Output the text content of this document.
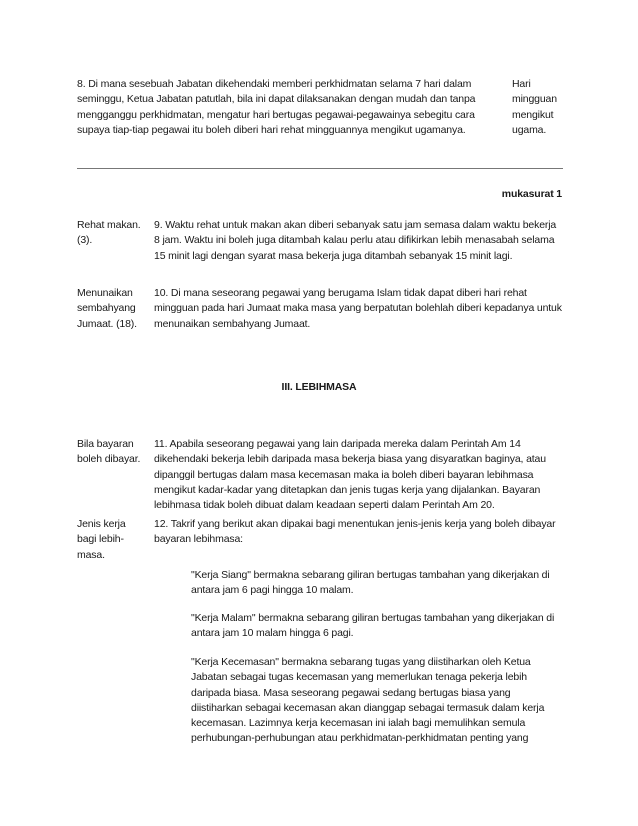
8. Di mana sesebuah Jabatan dikehendaki memberi perkhidmatan selama 7 hari dalam seminggu, Ketua Jabatan patutlah, bila ini dapat dilaksanakan dengan mudah dan tanpa mengganggu perkhidmatan, mengatur hari bertugas pegawai-pegawainya sebegitu cara supaya tiap-tiap pegawai itu boleh diberi hari rehat mingguannya mengikut ugamanya.
Hari mingguan mengikut ugama.
mukasurat 1
Rehat makan. (3).
9. Waktu rehat untuk makan akan diberi sebanyak satu jam semasa dalam waktu bekerja 8 jam. Waktu ini boleh juga ditambah kalau perlu atau difikirkan lebih menasabah selama 15 minit lagi dengan syarat masa bekerja juga ditambah sebanyak 15 minit lagi.
Menunaikan sembahyang Jumaat. (18).
10. Di mana seseorang pegawai yang berugama Islam tidak dapat diberi hari rehat mingguan pada hari Jumaat maka masa yang berpatutan bolehlah diberi kepadanya untuk menunaikan sembahyang Jumaat.
III. LEBIHMASA
Bila bayaran boleh dibayar.
11. Apabila seseorang pegawai yang lain daripada mereka dalam Perintah Am 14 dikehendaki bekerja lebih daripada masa bekerja biasa yang disyaratkan baginya, atau dipanggil bertugas dalam masa kecemasan maka ia boleh diberi bayaran lebihmasa mengikut kadar-kadar yang ditetapkan dan jenis tugas kerja yang dijalankan. Bayaran lebihmasa tidak boleh dibuat dalam keadaan seperti dalam Perintah Am 20.
Jenis kerja bagi lebih-masa.
12. Takrif yang berikut akan dipakai bagi menentukan jenis-jenis kerja yang boleh dibayar bayaran lebihmasa:
"Kerja Siang" bermakna sebarang giliran bertugas tambahan yang dikerjakan di antara jam 6 pagi hingga 10 malam.
"Kerja Malam" bermakna sebarang giliran bertugas tambahan yang dikerjakan di antara jam 10 malam hingga 6 pagi.
"Kerja Kecemasan" bermakna sebarang tugas yang diistiharkan oleh Ketua Jabatan sebagai tugas kecemasan yang memerlukan tenaga pekerja lebih daripada biasa. Masa seseorang pegawai sedang bertugas biasa yang diistiharkan sebagai kecemasan akan dianggap sebagai termasuk dalam kerja kecemasan. Lazimnya kerja kecemasan ini ialah bagi memulihkan semula perhubungan-perhubungan atau perkhidmatan-perkhidmatan penting yang
